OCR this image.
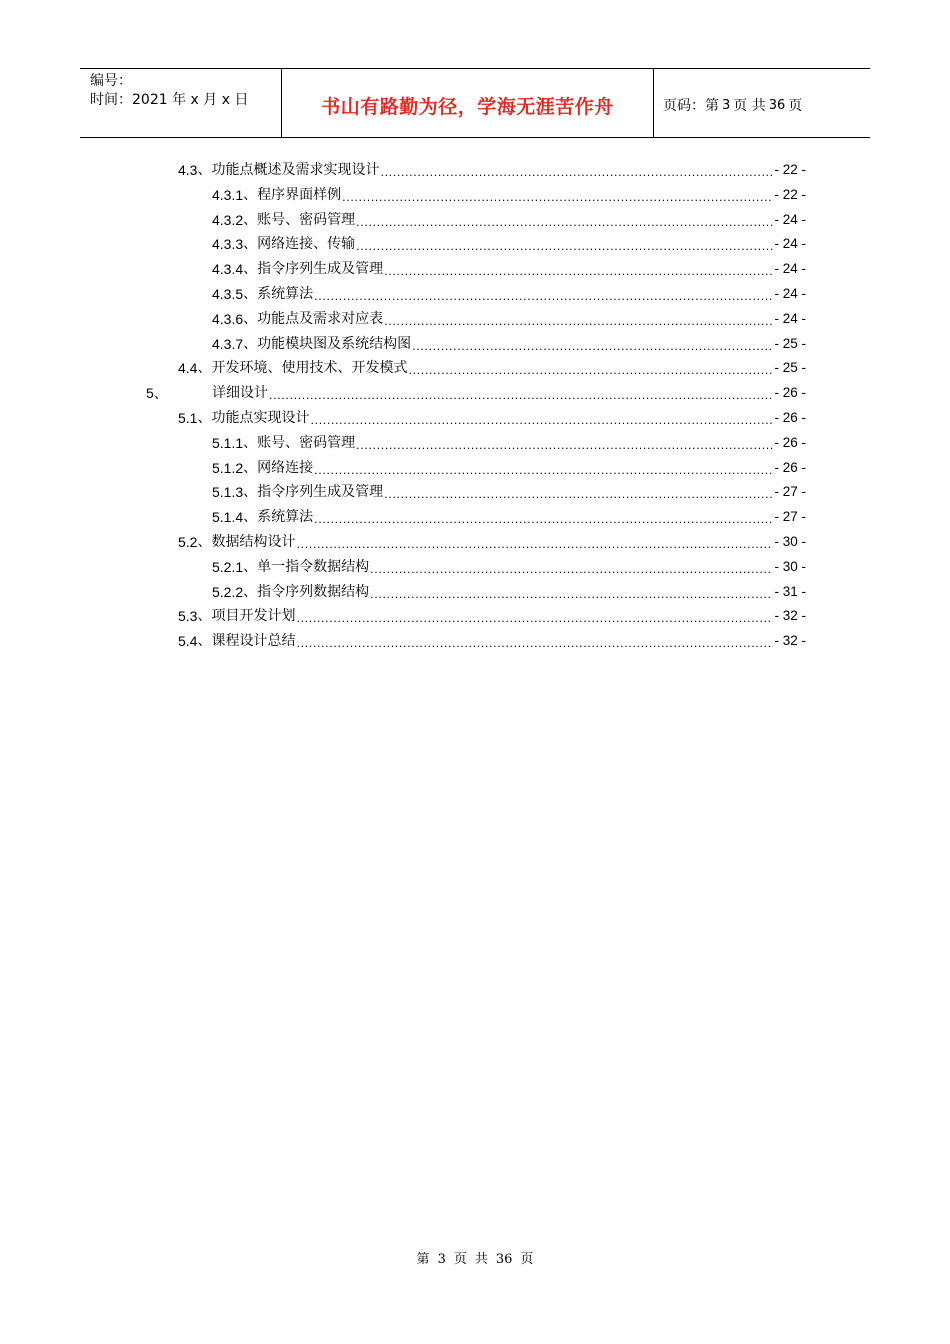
编号：
时间：2021 年 x 月 x 日	书山有路勤为径，学海无涯苦作舟	页码：第 3 页 共 36 页
4.3 、功能点概述及需求实现设计 .....	- 22 -
4.3.1 、程序界面样例 .....	- 22 -
4.3.2 、账号、密码管理 .....	- 24 -
4.3.3 、网络连接、传输 .....	- 24 -
4.3.4 、指令序列生成及管理 .....	- 24 -
4.3.5 、系统算法 .....	- 24 -
4.3.6 、功能点及需求对应表 .....	- 24 -
4.3.7 、功能模块图及系统结构图 .....	- 25 -
4.4 、开发环境、使用技术、开发模式 .....	- 25 -
5、	详细设计 .....	- 26 -
5.1 、功能点实现设计 .....	- 26 -
5.1.1 、账号、密码管理 .....	- 26 -
5.1.2 、网络连接 .....	- 26 -
5.1.3 、指令序列生成及管理 .....	- 27 -
5.1.4 、系统算法 .....	- 27 -
5.2 、数据结构设计 .....	- 30 -
5.2.1 、单一指令数据结构 .....	- 30 -
5.2.2 、指令序列数据结构 .....	- 31 -
5.3 、项目开发计划 .....	- 32 -
5.4 、课程设计总结 .....	- 32 -
第 3 页 共 36 页
